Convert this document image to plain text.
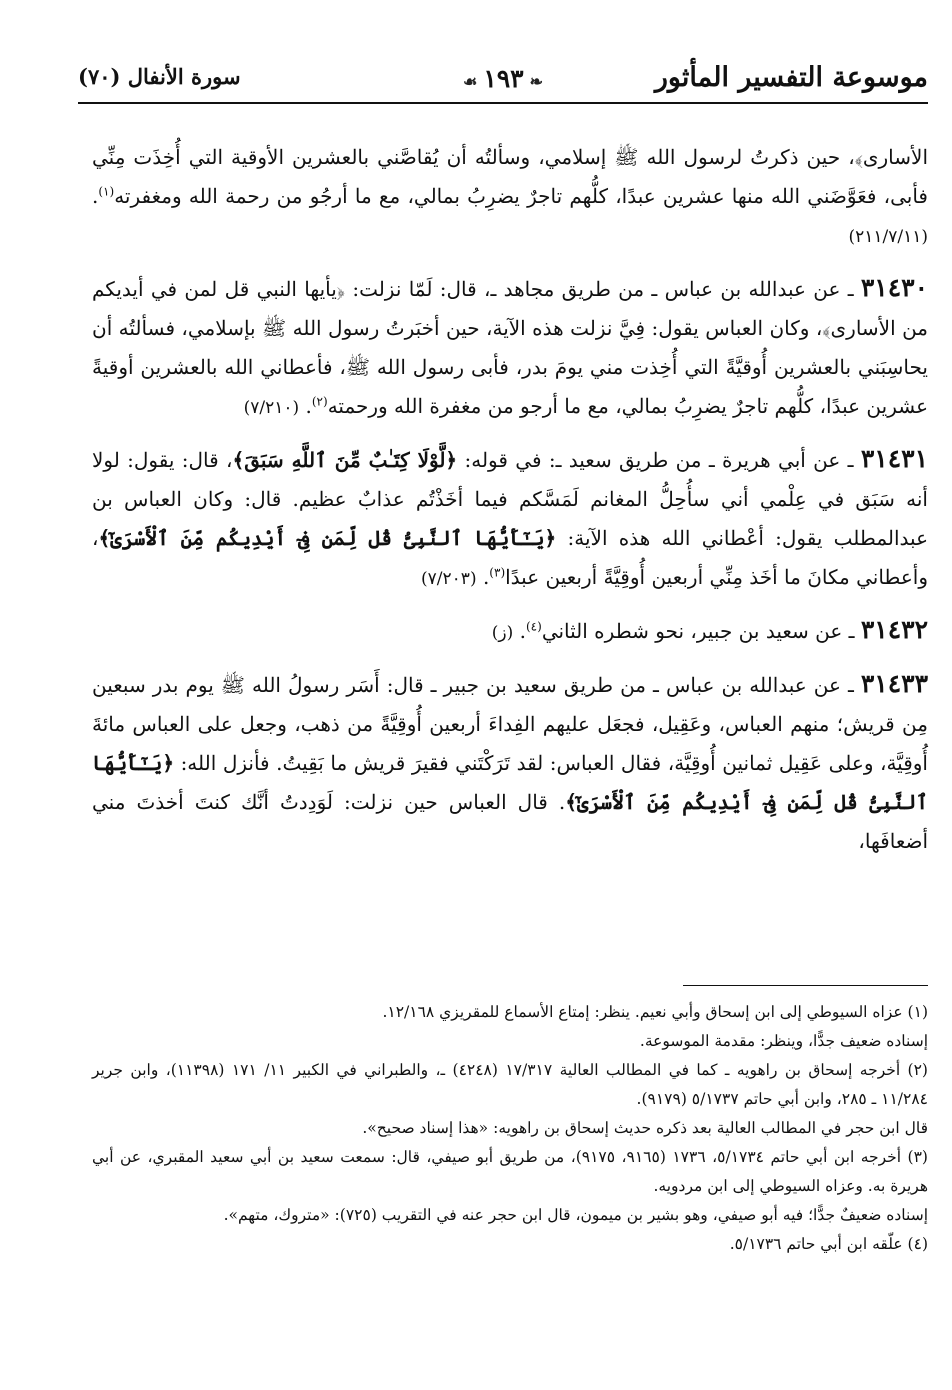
موسوعة التفسير المأثور
❧١٩٣☙
سورة الأنفال (٧٠)

الأسارى﴾، حين ذكرتُ لرسول الله ﷺ إسلامي، وسألتُه أن يُقاصَّني بالعشرين الأوقية التي أُخِذَت مِنِّي فأبى، فعَوَّضَني الله منها عشرين عبدًا، كلُّهم تاجرٌ يضرِبُ بمالي، مع ما أرجُو من رحمة الله ومغفرته$^{(١)}$. (٧/١١‏/٢١١)

٣١٤٣٠ ـ عن عبدالله بن عباس ـ من طريق مجاهد ـ، قال: لَمّا نزلت: ﴿يأيها النبي قل لمن في أيديكم من الأسارى﴾، وكان العباس يقول: فِيَّ نزلت هذه الآية، حين أخبَرتُ رسول الله ﷺ بإسلامي، فسألتُه أن يحاسِبَني بالعشرين أُوقيَّةً التي أُخِذت مني يومَ بدر، فأبى رسول الله ﷺ، فأعطاني الله بالعشرين أوقيةً عشرين عبدًا، كلُّهم تاجرٌ يضرِبُ بمالي، مع ما أرجو من مغفرة الله ورحمته$^{(٢)}$. (٧/٢١٠)

٣١٤٣١ ـ عن أبي هريرة ـ من طريق سعيد ـ: في قوله: ﴿لَّوْلَا كِتَـٰبٌ مِّنَ ٱللَّهِ سَبَقَ﴾، قال: يقول: لولا أنه سَبَق في عِلْمي أني سأُحِلُّ المغانم لَمَسَّكم فيما أخَذْتُم عذابٌ عظيم. قال: وكان العباس بن عبدالمطلب يقول: أعْطاني الله هذه الآية: ﴿يَـٰٓأَيُّهَا ٱلنَّبِىُّ قُل لِّمَن فِىٓ أَيْدِيكُم مِّنَ ٱلْأَسْرَىٰٓ﴾، وأعطاني مكانَ ما أخَذ مِنِّي أربعين أُوقِيَّةً أربعين عبدًا$^{(٣)}$. (٧/٢٠٣)

٣١٤٣٢ ـ عن سعيد بن جبير، نحو شطره الثاني$^{(٤)}$. (ز)

٣١٤٣٣ ـ عن عبدالله بن عباس ـ من طريق سعيد بن جبير ـ قال: أَسَر رسولُ الله ﷺ يوم بدر سبعين مِن قريش؛ منهم العباس، وعَقِيل، فجعَل عليهم الفِداءَ أربعين أُوقِيَّةً من ذهب، وجعل على العباس مائةَ أُوقِيَّة، وعلى عَقِيل ثمانين أُوقِيَّة، فقال العباس: لقد تَرَكْتَني فقيرَ قريش ما بَقِيتُ. فأنزل الله: ﴿يَـٰٓأَيُّهَا ٱلنَّبِىُّ قُل لِّمَن فِىٓ أَيْدِيكُم مِّنَ ٱلْأَسْرَىٰٓ﴾. قال العباس حين نزلت: لَوَدِدتُ أنَّك كنتَ أخذتَ مني أضعافَها،

(١) عزاه السيوطي إلى ابن إسحاق وأبي نعيم. ينظر: إمتاع الأسماع للمقريزي ١٢/١٦٨.

إسناده ضعيف جدًّا، وينظر: مقدمة الموسوعة.

(٢) أخرجه إسحاق بن راهويه ـ كما في المطالب العالية ١٧/٣١٧ (٤٢٤٨) ـ، والطبراني في الكبير ١١/ ١٧١ (١١٣٩٨)، وابن جرير ١١/٢٨٤ ـ ٢٨٥، وابن أبي حاتم ٥/١٧٣٧ (٩١٧٩).

قال ابن حجر في المطالب العالية بعد ذكره حديث إسحاق بن راهويه: «هذا إسناد صحيح».

(٣) أخرجه ابن أبي حاتم ٥/١٧٣٤، ١٧٣٦ (٩١٦٥، ٩١٧٥)، من طريق أبو صيفي، قال: سمعت سعيد بن أبي سعيد المقبري، عن أبي هريرة به. وعزاه السيوطي إلى ابن مردويه.

إسناده ضعيفٌ جدًّا؛ فيه أبو صيفي، وهو بشير بن ميمون، قال ابن حجر عنه في التقريب (٧٢٥): «متروك، متهم».

(٤) علّقه ابن أبي حاتم ٥/١٧٣٦.
